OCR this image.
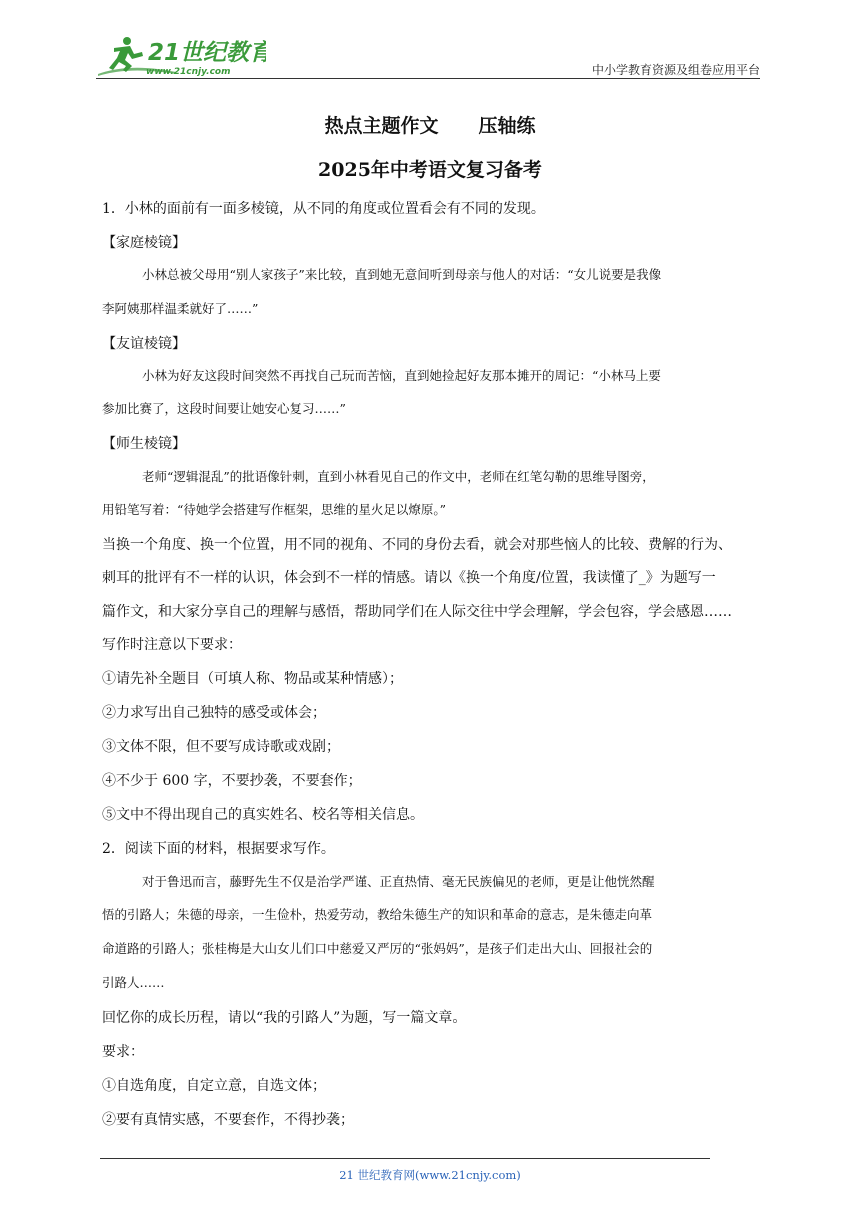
21世纪教育
www.21cnjy.com	中小学教育资源及组卷应用平台
热点主题作文 压轴练
2025年中考语文复习备考
1．小林的面前有一面多棱镜，从不同的角度或位置看会有不同的发现。
【家庭棱镜】
小林总被父母用“别人家孩子”来比较，直到她无意间听到母亲与他人的对话：“女儿说要是我像
李阿姨那样温柔就好了……”
【友谊棱镜】
小林为好友这段时间突然不再找自己玩而苦恼，直到她捡起好友那本摊开的周记：“小林马上要
参加比赛了，这段时间要让她安心复习……”
【师生棱镜】
老师“逻辑混乱”的批语像针刺，直到小林看见自己的作文中，老师在红笔勾勒的思维导图旁，
用铅笔写着：“待她学会搭建写作框架，思维的星火足以燎原。”
当换一个角度、换一个位置，用不同的视角、不同的身份去看，就会对那些恼人的比较、费解的行为、
刺耳的批评有不一样的认识，体会到不一样的情感。请以《换一个角度/位置，我读懂了_》为题写一
篇作文，和大家分享自己的理解与感悟，帮助同学们在人际交往中学会理解，学会包容，学会感恩……
写作时注意以下要求：
①请先补全题目（可填人称、物品或某种情感）；
②力求写出自己独特的感受或体会；
③文体不限，但不要写成诗歌或戏剧；
④不少于 600 字，不要抄袭，不要套作；
⑤文中不得出现自己的真实姓名、校名等相关信息。
2．阅读下面的材料，根据要求写作。
对于鲁迅而言，藤野先生不仅是治学严谨、正直热情、毫无民族偏见的老师，更是让他恍然醒
悟的引路人；朱德的母亲，一生俭朴，热爱劳动，教给朱德生产的知识和革命的意志，是朱德走向革
命道路的引路人；张桂梅是大山女儿们口中慈爱又严厉的“张妈妈”，是孩子们走出大山、回报社会的
引路人……
回忆你的成长历程，请以“我的引路人”为题，写一篇文章。
要求：
①自选角度，自定立意，自选文体；
②要有真情实感，不要套作，不得抄袭；
21 世纪教育网(www.21cnjy.com)
